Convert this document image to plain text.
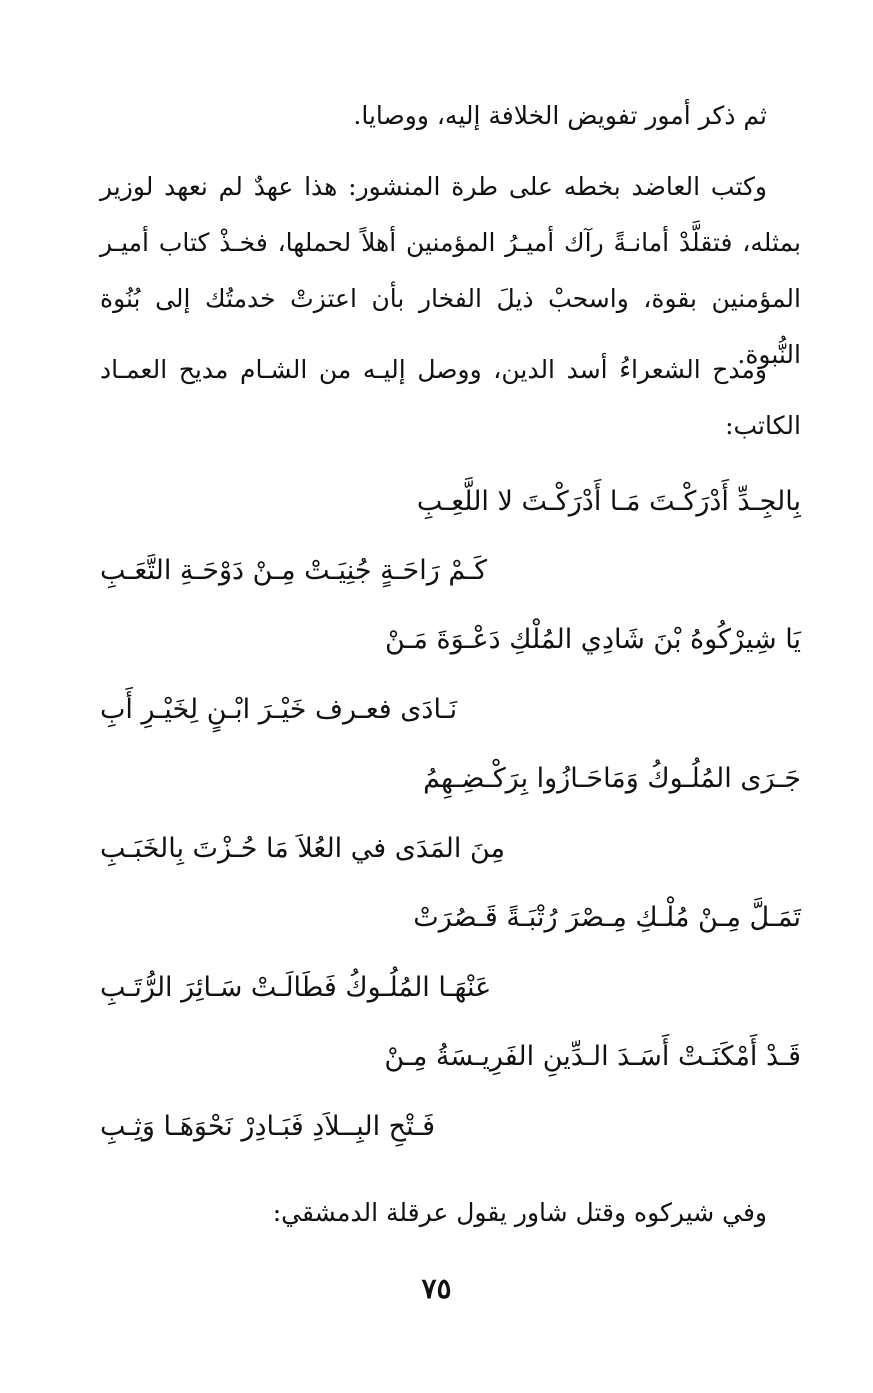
ثم ذكر أمور تفويض الخلافة إليه، ووصايا.
وكتب العاضد بخطه على طرة المنشور: هذا عهدٌ لم نعهد لوزير بمثله، فتقلَّدْ أمانـةً رآك أميـرُ المؤمنين أهلاً لحملها، فخـذْ كتاب أميـر المؤمنين بقوة، واسحبْ ذيلَ الفخار بأن اعتزتْ خدمتُك إلى بُنُوة النُّبوة.
ومدح الشعراءُ أسد الدين، ووصل إليـه من الشـام مديح العمـاد الكاتب:
بِالجِـدِّ أَدْرَكْـتَ مَـا أَدْرَكْـتَ لا اللَّعِـبِ
كَـمْ رَاحَـةٍ جُنِيَـتْ مِـنْ دَوْحَـةِ التَّعَـبِ
يَا شِيرْكُوهُ بْنَ شَادِي المُلْكِ دَعْـوَةَ مَـنْ
نَـادَى فعـرف خَيْـرَ ابْـنٍ لِخَيْـرِ أَبِ
جَـرَى المُلُـوكُ وَمَاحَـازُوا بِرَكْـضِـهِمُ
مِنَ المَدَى في العُلاَ مَا حُـزْتَ بِالخَبَـبِ
تَمَـلَّ مِـنْ مُلْـكِ مِـصْرَ رُتْبَـةً قَـصُرَتْ
عَنْهَـا المُلُـوكُ فَطَالَـتْ سَـائِرَ الرُّتَـبِ
قَـدْ أَمْكَنَـتْ أَسَـدَ الـدِّينِ الفَرِيـسَةُ مِـنْ
فَـتْحِ البِــلاَدِ فَبَـادِرْ نَحْوَهَـا وَثِـبِ
وفي شيركوه وقتل شاور يقول عرقلة الدمشقي:
٧٥
